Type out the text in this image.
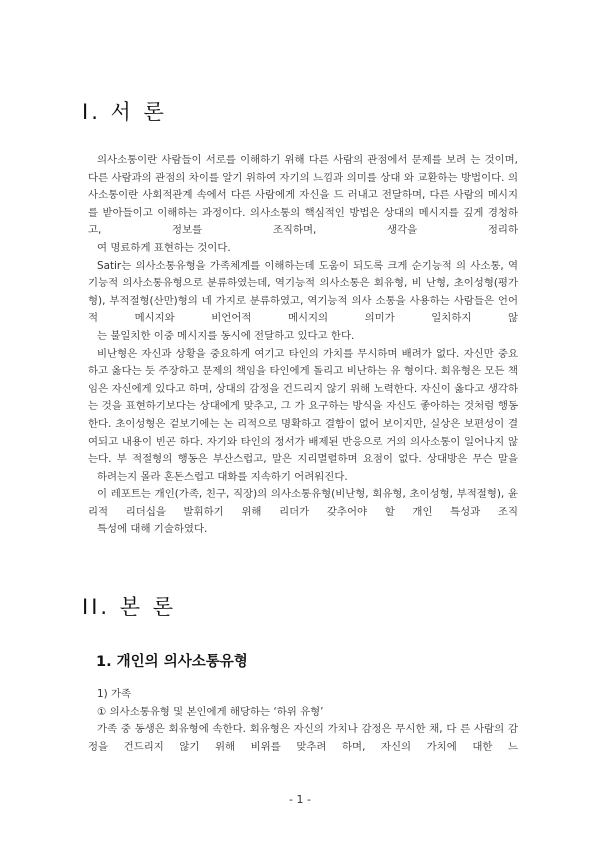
I. 서 론

의사소통이란 사람들이 서로를 이해하기 위해 다른 사람의 관점에서 문제를 보려 는 것이며, 다른 사람과의 관점의 차이를 알기 위하여 자기의 느낌과 의미를 상대 와 교환하는 방법이다. 의사소통이란 사회적관계 속에서 다른 사람에게 자신을 드 러내고 전달하며, 다른 사람의 메시지를 받아들이고 이해하는 과정이다. 의사소통의 핵심적인 방법은 상대의 메시지를 깊게 경청하고, 정보를 조직하며, 생각을 정리하
여 명료하게 표현하는 것이다.

Satir는 의사소통유형을 가족체계를 이해하는데 도움이 되도록 크게 순기능적 의 사소통, 역기능적 의사소통유형으로 분류하였는데, 역기능적 의사소통은 회유형, 비 난형, 초이성형(평가형), 부적절형(산만)형의 네 가지로 분류하였고, 역기능적 의사 소통을 사용하는 사람들은 언어적 메시지와 비언어적 메시지의 의미가 일치하지 않
는 불일치한 이중 메시지를 동시에 전달하고 있다고 한다.

비난형은 자신과 상황을 중요하게 여기고 타인의 가치를 무시하며 배려가 없다. 자신만 중요하고 옳다는 듯 주장하고 문제의 책임을 타인에게 돌리고 비난하는 유 형이다. 회유형은 모든 책임은 자신에게 있다고 하며, 상대의 감정을 건드리지 않기 위해 노력한다. 자신이 옳다고 생각하는 것을 표현하기보다는 상대에게 맞추고, 그 가 요구하는 방식을 자신도 좋아하는 것처럼 행동한다. 초이성형은 겉보기에는 논 리적으로 명확하고 결함이 없어 보이지만, 실상은 보편성이 결여되고 내용이 빈곤 하다. 자기와 타인의 정서가 배제된 반응으로 거의 의사소통이 일어나지 않는다. 부 적절형의 행동은 부산스럽고, 말은 지리멸렬하며 요점이 없다. 상대방은 무슨 말을
하려는지 몰라 혼돈스럽고 대화를 지속하기 어려워진다.

이 레포트는 개인(가족, 친구, 직장)의 의사소통유형(비난형, 회유형, 초이성형, 부적절형), 윤리적 리더십을 발휘하기 위해 리더가 갖추어야 할 개인 특성과 조직
특성에 대해 기술하였다.

II. 본 론
1. 개인의 의사소통유형

1) 가족

① 의사소통유형 및 본인에게 해당하는 ‘하위 유형’

가족 중 동생은 회유형에 속한다. 회유형은 자신의 가치나 감정은 무시한 채, 다 른 사람의 감정을 건드리지 않기 위해 비위를 맞추려 하며, 자신의 가치에 대한 느

- 1 -
